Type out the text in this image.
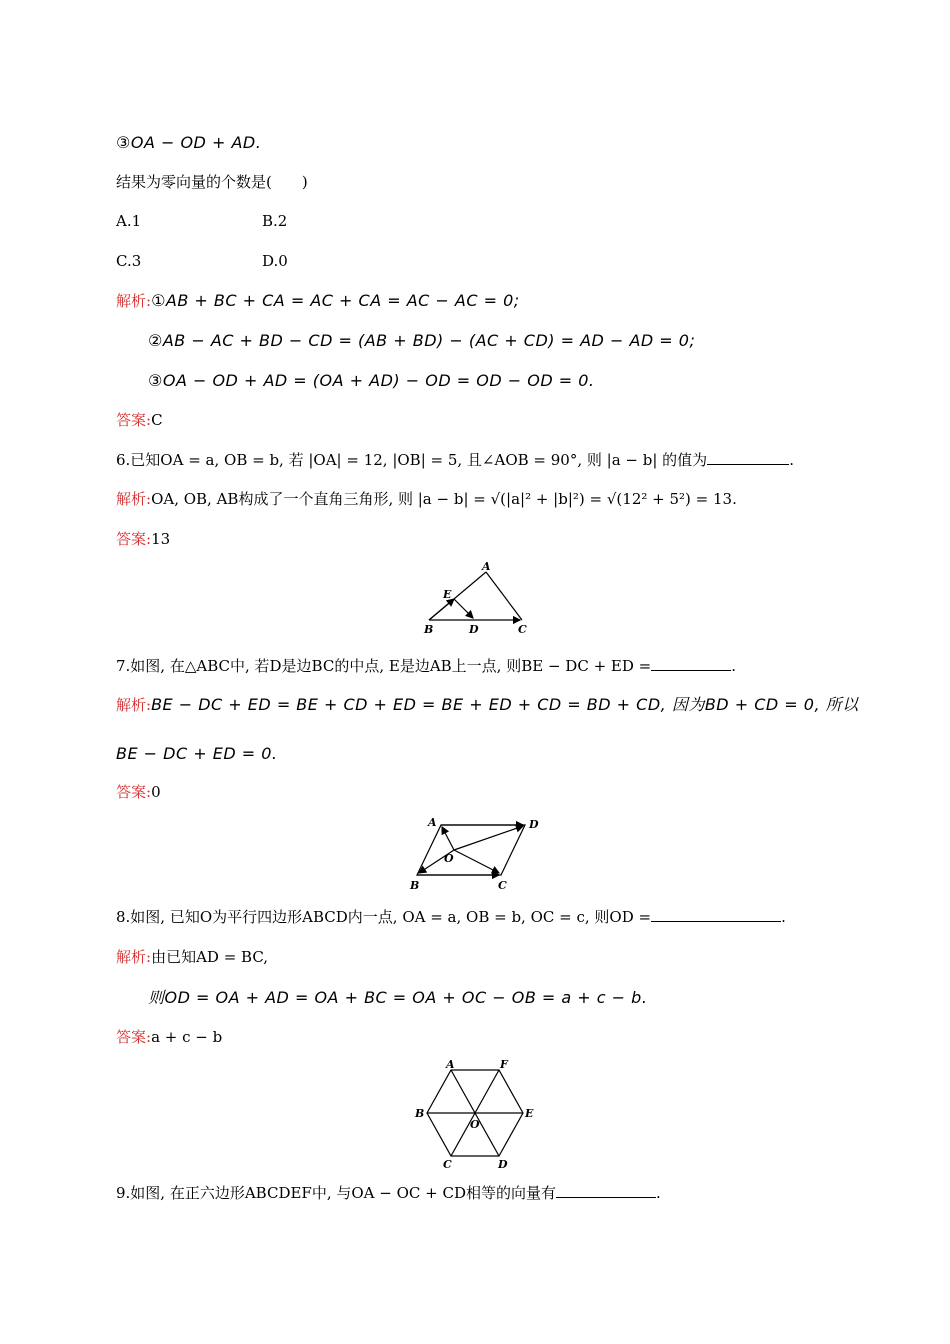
③OA − OD + AD.
结果为零向量的个数是(　　)
A.1	B.2
C.3	D.0
解析:①AB + BC + CA = AC + CA = AC − AC = 0;
②AB − AC + BD − CD = (AB + BD) − (AC + CD) = AD − AD = 0;
③OA − OD + AD = (OA + AD) − OD = OD − OD = 0.
答案:C
6.已知OA = a, OB = b, 若 |OA| = 12, |OB| = 5, 且∠AOB = 90°, 则 |a − b| 的值为	.
解析:OA, OB, AB构成了一个直角三角形, 则 |a − b| = √(|a|² + |b|²) = √(12² + 5²) = 13.
答案:13
A
B	C
D
E
7.如图, 在△ABC中, 若D是边BC的中点, E是边AB上一点, 则BE − DC + ED =	.
解析:BE − DC + ED = BE + CD + ED = BE + ED + CD = BD + CD, 因为BD + CD = 0, 所以
BE − DC + ED = 0.
答案:0
A
B	C
D
O
8.如图, 已知O为平行四边形ABCD内一点, OA = a, OB = b, OC = c, 则OD =	.
解析:由已知AD = BC,
则OD = OA + AD = OA + BC = OA + OC − OB = a + c − b.
答案:a + c − b
A	F
B	E
C	D
O
9.如图, 在正六边形ABCDEF中, 与OA − OC + CD相等的向量有	.
